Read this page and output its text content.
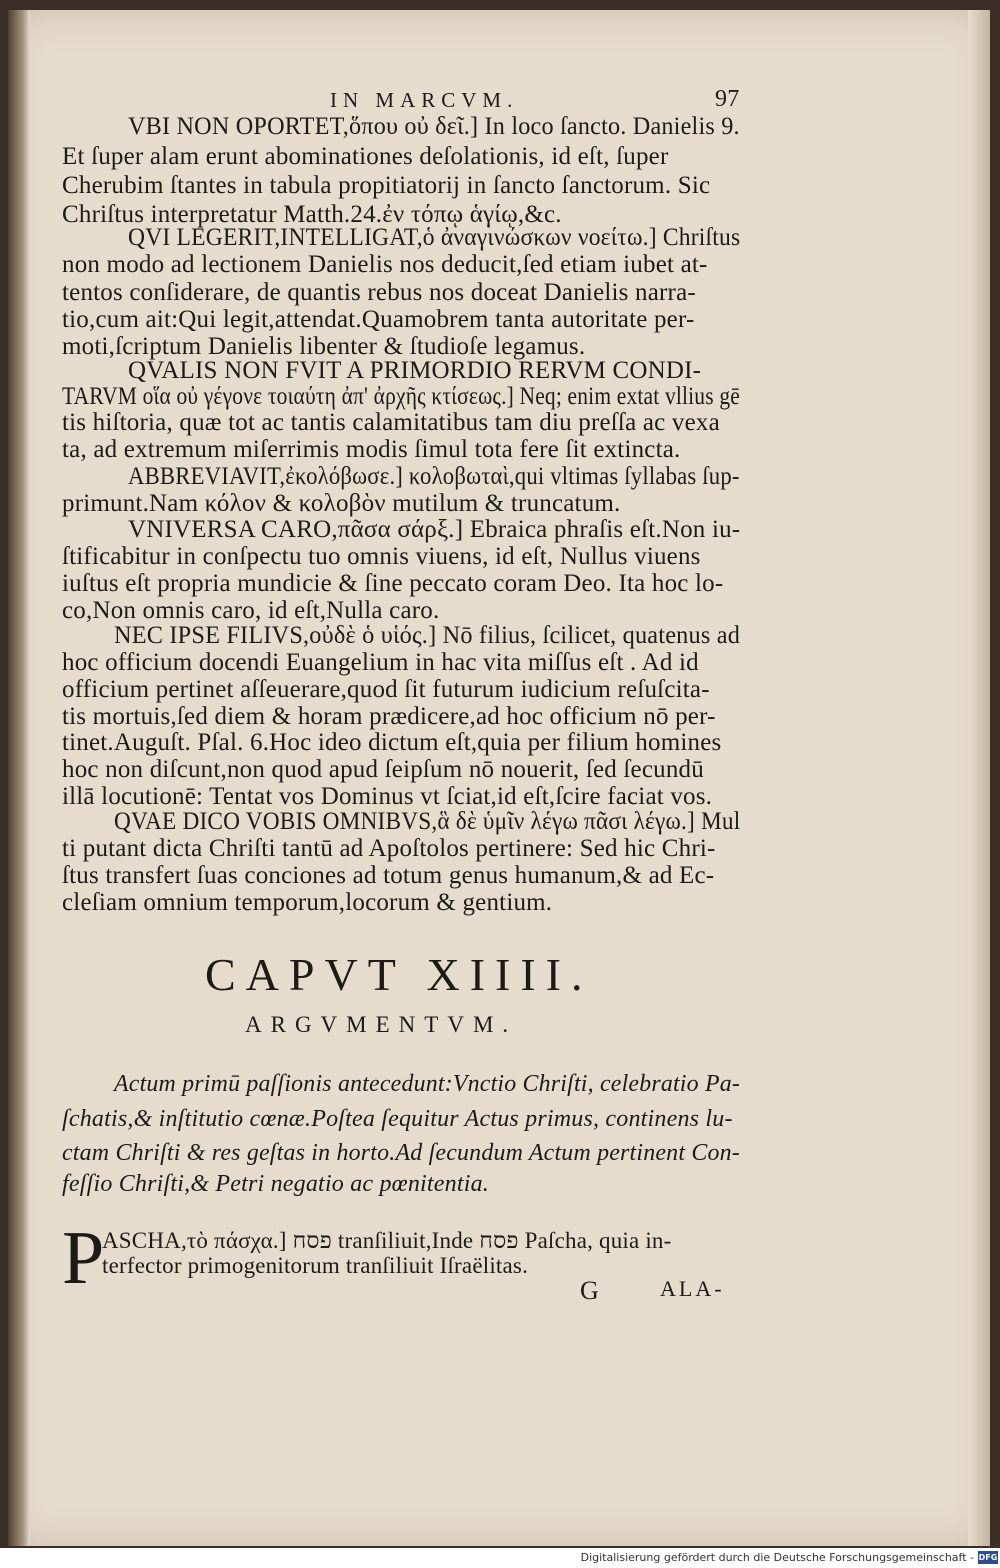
IN MARCVM.	97
VBI NON OPORTET,ὅπου οὐ δεῖ.] In loco ſancto. Danielis 9.
Et ſuper alam erunt abominationes deſolationis, id eſt, ſuper
Cherubim ſtantes in tabula propitiatorij in ſancto ſanctorum. Sic
Chriſtus interpretatur Matth.24.ἐν τόπῳ ἁγίῳ,&c.
QVI LEGERIT,INTELLIGAT,ὁ ἀναγινώσκων νοείτω.] Chriſtus
non modo ad lectionem Danielis nos deducit,ſed etiam iubet at-
tentos conſiderare, de quantis rebus nos doceat Danielis narra-
tio,cum ait:Qui legit,attendat.Quamobrem tanta autoritate per-
moti,ſcriptum Danielis libenter & ſtudioſe legamus.
QVALIS NON FVIT A PRIMORDIO RERVM CONDI-
TARVM οἵα οὐ γέγονε τοιαύτη ἀπ' ἀρχῆς κτίσεως.] Neq; enim extat vllius gē
tis hiſtoria, quæ tot ac tantis calamitatibus tam diu preſſa ac vexa
ta, ad extremum miſerrimis modis ſimul tota fere ſit extincta.
ABBREVIAVIT,ἐκολόβωσε.] κολοβωταὶ,qui vltimas ſyllabas ſup-
primunt.Nam κόλον & κολοβὸν mutilum & truncatum.
VNIVERSA CARO,πᾶσα σάρξ.] Ebraica phraſis eſt.Non iu-
ſtificabitur in conſpectu tuo omnis viuens, id eſt, Nullus viuens
iuſtus eſt propria mundicie & ſine peccato coram Deo. Ita hoc lo-
co,Non omnis caro, id eſt,Nulla caro.
NEC IPSE FILIVS,οὐδὲ ὁ υἱός.] Nō filius, ſcilicet, quatenus ad
hoc officium docendi Euangelium in hac vita miſſus eſt . Ad id
officium pertinet aſſeuerare,quod ſit futurum iudicium reſuſcita-
tis mortuis,ſed diem & horam prædicere,ad hoc officium nō per-
tinet.Auguſt. Pſal. 6.Hoc ideo dictum eſt,quia per filium homines
hoc non diſcunt,non quod apud ſeipſum nō nouerit, ſed ſecundū
illā locutionē: Tentat vos Dominus vt ſciat,id eſt,ſcire faciat vos.
QVAE DICO VOBIS OMNIBVS,ἃ δὲ ὑμῖν λέγω πᾶσι λέγω.] Mul
ti putant dicta Chriſti tantū ad Apoſtolos pertinere: Sed hic Chri-
ſtus transfert ſuas conciones ad totum genus humanum,& ad Ec-
cleſiam omnium temporum,locorum & gentium.
CAPVT XIIII.
ARGVMENTVM.
Actum primū paſſionis antecedunt:Vnctio Chriſti, celebratio Pa-
ſchatis,& inſtitutio cœnæ.Poſtea ſequitur Actus primus, continens lu-
ctam Chriſti & res geſtas in horto.Ad ſecundum Actum pertinent Con-
feſſio Chriſti,& Petri negatio ac pœnitentia.
P
ASCHA,τὸ πάσχα.] פסח tranſiliuit,Inde פסח Paſcha, quia in-
terfector primogenitorum tranſiliuit Iſraëlitas.
G	ALA-
Digitalisierung gefördert durch die Deutsche Forschungsgemeinschaft - DFG
